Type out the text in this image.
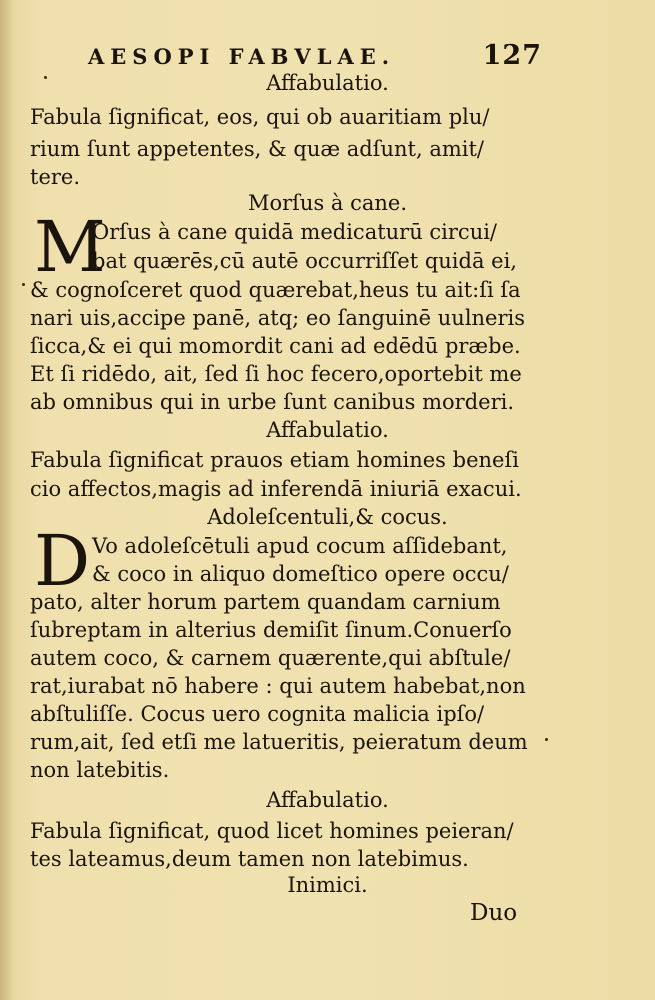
AESOPI FABVLAE.	127
Affabulatio.
Fabula ſignificat, eos, qui ob auaritiam plu/
rium ſunt appetentes, & quæ adſunt, amit/
tere.
Morſus à cane.
M
Orſus à cane quidā medicaturū circui/
bat quærēs,cū autē occurriſſet quidā ei,
& cognoſceret quod quærebat,heus tu ait:ſi ſa
nari uis,accipe panē, atq; eo ſanguinē uulneris
ſicca,& ei qui momordit cani ad edēdū præbe.
Et ſi ridēdo, ait, ſed ſi hoc fecero,oportebit me
ab omnibus qui in urbe ſunt canibus morderi.
Affabulatio.
Fabula ſignificat prauos etiam homines beneſi
cio affectos,magis ad inferendā iniuriā exacui.
Adoleſcentuli,& cocus.
D Vo adoleſcētuli apud cocum aſſidebant,
& coco in aliquo domeſtico opere occu/
pato, alter horum partem quandam carnium
ſubreptam in alterius demiſit ſinum.Conuerſo
autem coco, & carnem quærente,qui abſtule/
rat,iurabat nō habere : qui autem habebat,non
abſtuliſſe. Cocus uero cognita malicia ipſo/
rum,ait, ſed etſi me latueritis, peieratum deum
non latebitis.
Affabulatio.
Fabula ſignificat, quod licet homines peieran/
tes lateamus,deum tamen non latebimus.
Inimici.
Duo
